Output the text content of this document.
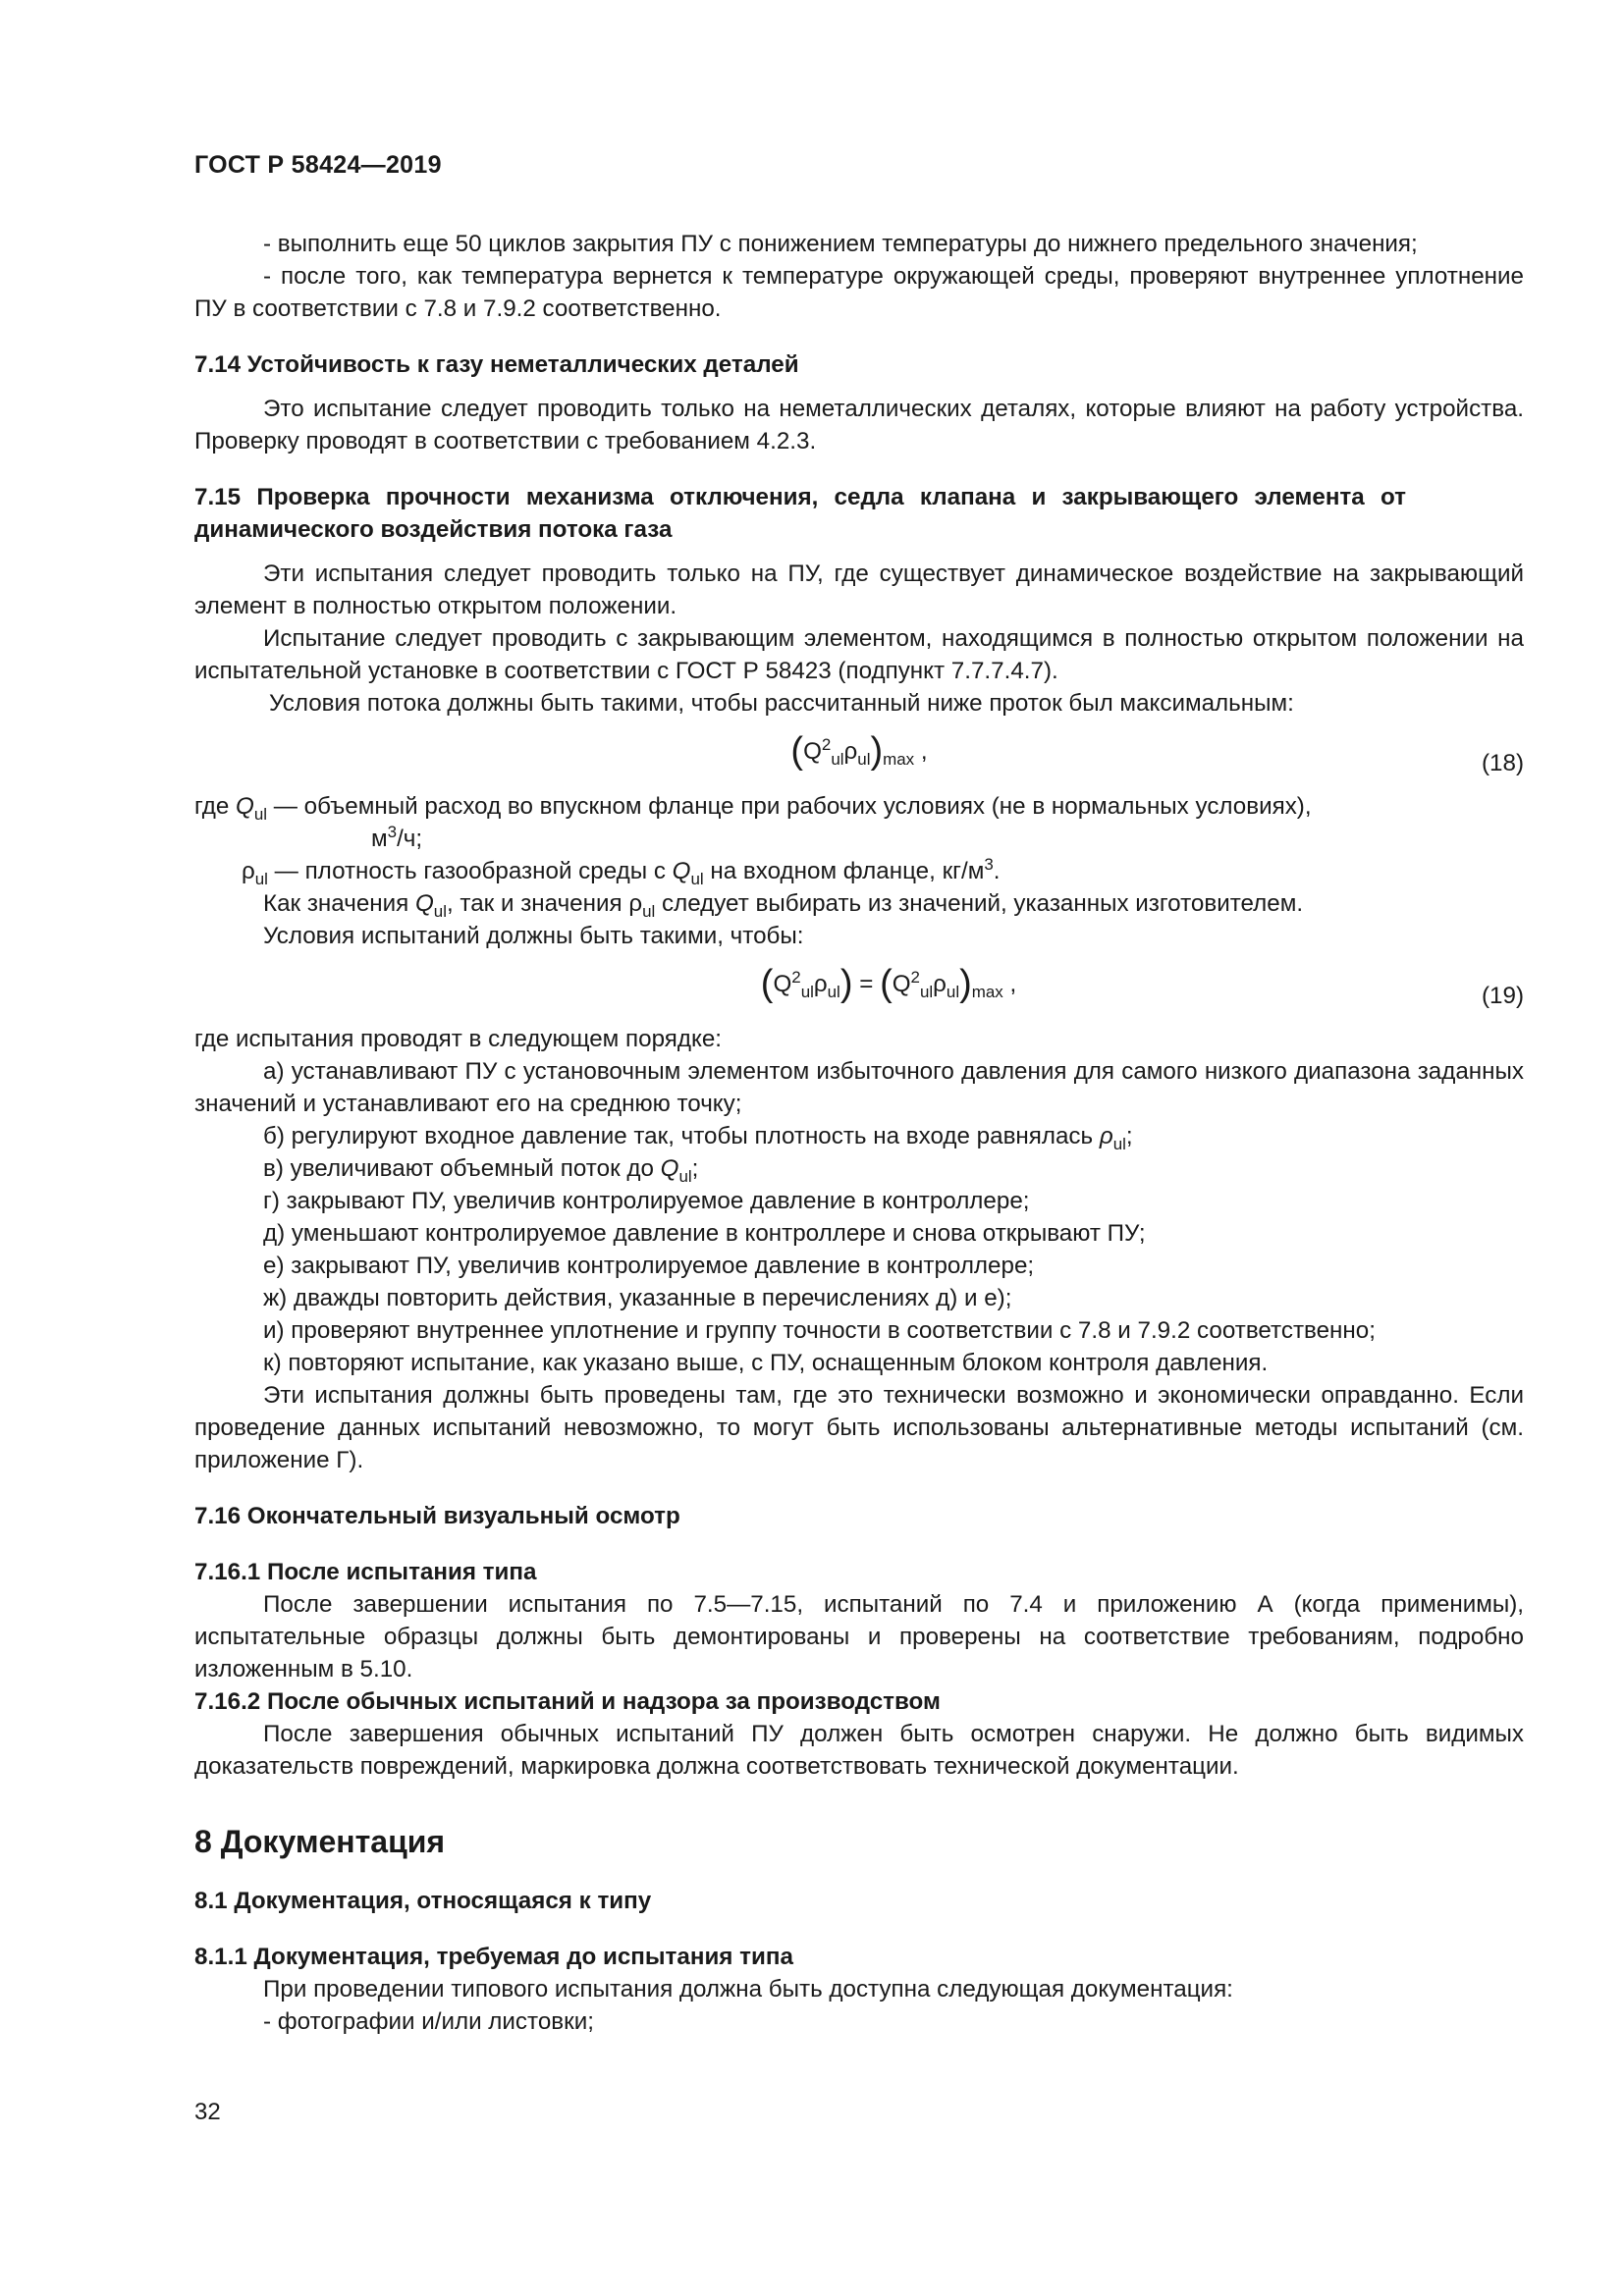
ГОСТ Р 58424—2019

- выполнить еще 50 циклов закрытия ПУ с понижением температуры до нижнего предельного значения;

- после того, как температура вернется к температуре окружающей среды, проверяют внутреннее уплотнение ПУ в соответствии с 7.8 и 7.9.2 соответственно.

7.14 Устойчивость к газу неметаллических деталей

Это испытание следует проводить только на неметаллических деталях, которые влияют на работу устройства. Проверку проводят в соответствии с требованием 4.2.3.

7.15 Проверка прочности механизма отключения, седла клапана и закрывающего элемента от динамического воздействия потока газа

Эти испытания следует проводить только на ПУ, где существует динамическое воздействие на закрывающий элемент в полностью открытом положении.

Испытание следует проводить с закрывающим элементом, находящимся в полностью открытом положении на испытательной установке в соответствии с ГОСТ Р 58423 (подпункт 7.7.7.4.7).

Условия потока должны быть такими, чтобы рассчитанный ниже проток был максимальным:

$(Q^2_{ul}\rho_{ul})_{max}$ ,	(18)

где $Q_{ul}$ — объемный расход во впускном фланце при рабочих условиях (не в нормальных условиях),

$м^3/ч$;

$\rho_{ul}$ — плотность газообразной среды с $Q_{ul}$ на входном фланце, $кг/м^3$.

Как значения $Q_{ul}$, так и значения $\rho_{ul}$ следует выбирать из значений, указанных изготовителем.

Условия испытаний должны быть такими, чтобы:

$(Q^2_{ul}\rho_{ul}) = (Q^2_{ul}\rho_{ul})_{max}$ ,	(19)

где испытания проводят в следующем порядке:

а) устанавливают ПУ с установочным элементом избыточного давления для самого низкого диапазона заданных значений и устанавливают его на среднюю точку;

б) регулируют входное давление так, чтобы плотность на входе равнялась $\rho_{ul}$;

в) увеличивают объемный поток до $Q_{ul}$;

г) закрывают ПУ, увеличив контролируемое давление в контроллере;

д) уменьшают контролируемое давление в контроллере и снова открывают ПУ;

е) закрывают ПУ, увеличив контролируемое давление в контроллере;

ж) дважды повторить действия, указанные в перечислениях д) и е);

и) проверяют внутреннее уплотнение и группу точности в соответствии с 7.8 и 7.9.2 соответственно;

к) повторяют испытание, как указано выше, с ПУ, оснащенным блоком контроля давления.

Эти испытания должны быть проведены там, где это технически возможно и экономически оправданно. Если проведение данных испытаний невозможно, то могут быть использованы альтернативные методы испытаний (см. приложение Г).

7.16 Окончательный визуальный осмотр

7.16.1 После испытания типа

После завершении испытания по 7.5—7.15, испытаний по 7.4 и приложению А (когда применимы), испытательные образцы должны быть демонтированы и проверены на соответствие требованиям, подробно изложенным в 5.10.

7.16.2 После обычных испытаний и надзора за производством

После завершения обычных испытаний ПУ должен быть осмотрен снаружи. Не должно быть видимых доказательств повреждений, маркировка должна соответствовать технической документации.

8 Документация

8.1 Документация, относящаяся к типу

8.1.1 Документация, требуемая до испытания типа

При проведении типового испытания должна быть доступна следующая документация:

- фотографии и/или листовки;

32
